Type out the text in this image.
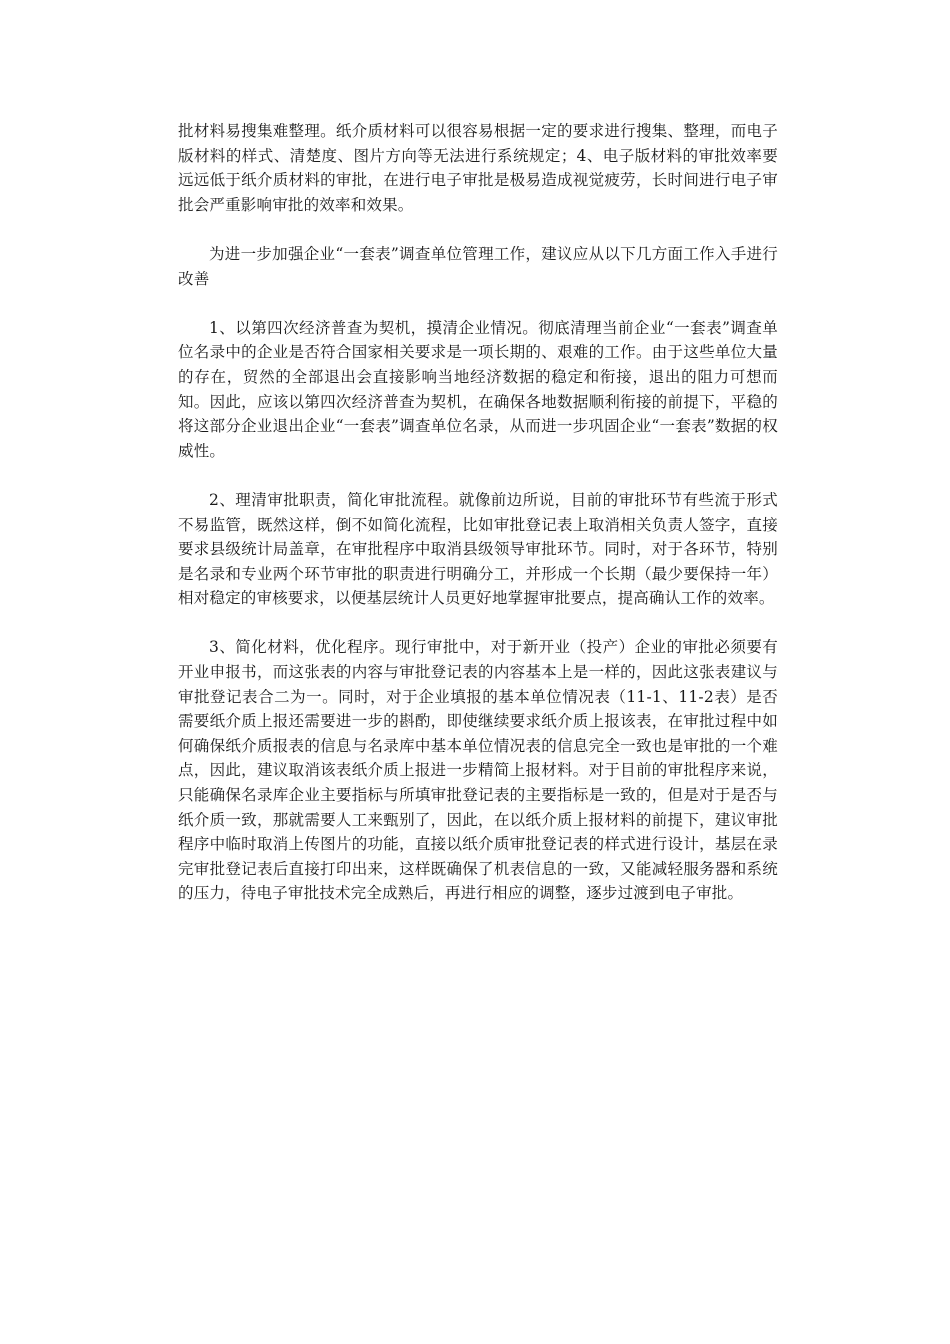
批材料易搜集难整理。纸介质材料可以很容易根据一定的要求进行搜集、整理，而电子版材料的样式、清楚度、图片方向等无法进行系统规定；4、电子版材料的审批效率要远远低于纸介质材料的审批，在进行电子审批是极易造成视觉疲劳，长时间进行电子审批会严重影响审批的效率和效果。

为进一步加强企业“一套表”调查单位管理工作，建议应从以下几方面工作入手进行改善

1、以第四次经济普查为契机，摸清企业情况。彻底清理当前企业“一套表”调查单位名录中的企业是否符合国家相关要求是一项长期的、艰难的工作。由于这些单位大量的存在，贸然的全部退出会直接影响当地经济数据的稳定和衔接，退出的阻力可想而知。因此，应该以第四次经济普查为契机，在确保各地数据顺利衔接的前提下，平稳的将这部分企业退出企业“一套表”调查单位名录，从而进一步巩固企业“一套表”数据的权威性。

2、理清审批职责，简化审批流程。就像前边所说，目前的审批环节有些流于形式不易监管，既然这样，倒不如简化流程，比如审批登记表上取消相关负责人签字，直接要求县级统计局盖章，在审批程序中取消县级领导审批环节。同时，对于各环节，特别是名录和专业两个环节审批的职责进行明确分工，并形成一个长期（最少要保持一年）相对稳定的审核要求，以便基层统计人员更好地掌握审批要点，提高确认工作的效率。

3、简化材料，优化程序。现行审批中，对于新开业（投产）企业的审批必须要有开业申报书，而这张表的内容与审批登记表的内容基本上是一样的，因此这张表建议与审批登记表合二为一。同时，对于企业填报的基本单位情况表（11-1、11-2表）是否需要纸介质上报还需要进一步的斟酌，即使继续要求纸介质上报该表，在审批过程中如何确保纸介质报表的信息与名录库中基本单位情况表的信息完全一致也是审批的一个难点，因此，建议取消该表纸介质上报进一步精简上报材料。对于目前的审批程序来说，只能确保名录库企业主要指标与所填审批登记表的主要指标是一致的，但是对于是否与纸介质一致，那就需要人工来甄别了，因此，在以纸介质上报材料的前提下，建议审批程序中临时取消上传图片的功能，直接以纸介质审批登记表的样式进行设计，基层在录完审批登记表后直接打印出来，这样既确保了机表信息的一致，又能减轻服务器和系统的压力，待电子审批技术完全成熟后，再进行相应的调整，逐步过渡到电子审批。
